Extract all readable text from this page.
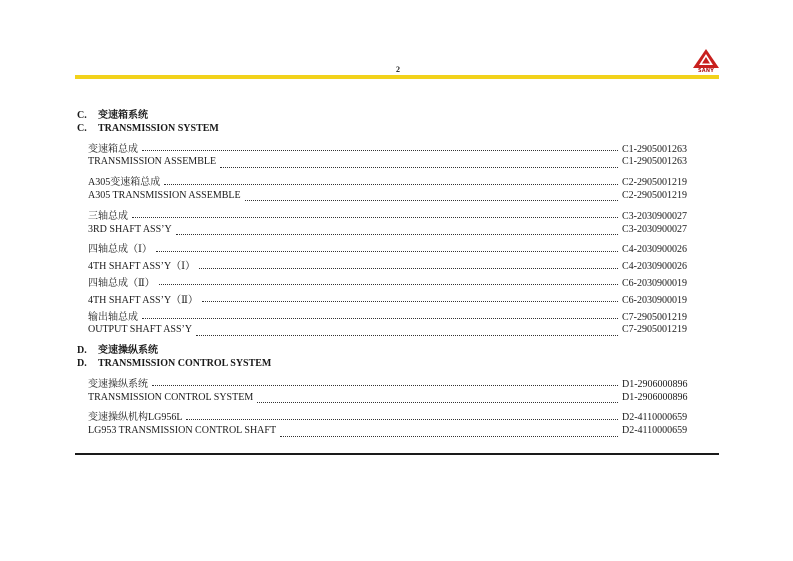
2	SANY
C.	变速箱系统
C.	TRANSMISSION SYSTEM
变速箱总成	C1-2905001263
TRANSMISSION ASSEMBLE	C1-2905001263
A305变速箱总成	C2-2905001219
A305 TRANSMISSION ASSEMBLE	C2-2905001219
三轴总成	C3-2030900027
3RD SHAFT ASS’Y	C3-2030900027
四轴总成（Ⅰ）	C4-2030900026
4TH SHAFT ASS’Y（Ⅰ）	C4-2030900026
四轴总成（Ⅱ）	C6-2030900019
4TH SHAFT ASS’Y（Ⅱ）	C6-2030900019
输出轴总成	C7-2905001219
OUTPUT SHAFT ASS’Y	C7-2905001219
D.	变速操纵系统
D.	TRANSMISSION CONTROL SYSTEM
变速操纵系统	D1-2906000896
TRANSMISSION CONTROL SYSTEM	D1-2906000896
变速操纵机构LG956L	D2-4110000659
LG953 TRANSMISSION CONTROL SHAFT	D2-4110000659
